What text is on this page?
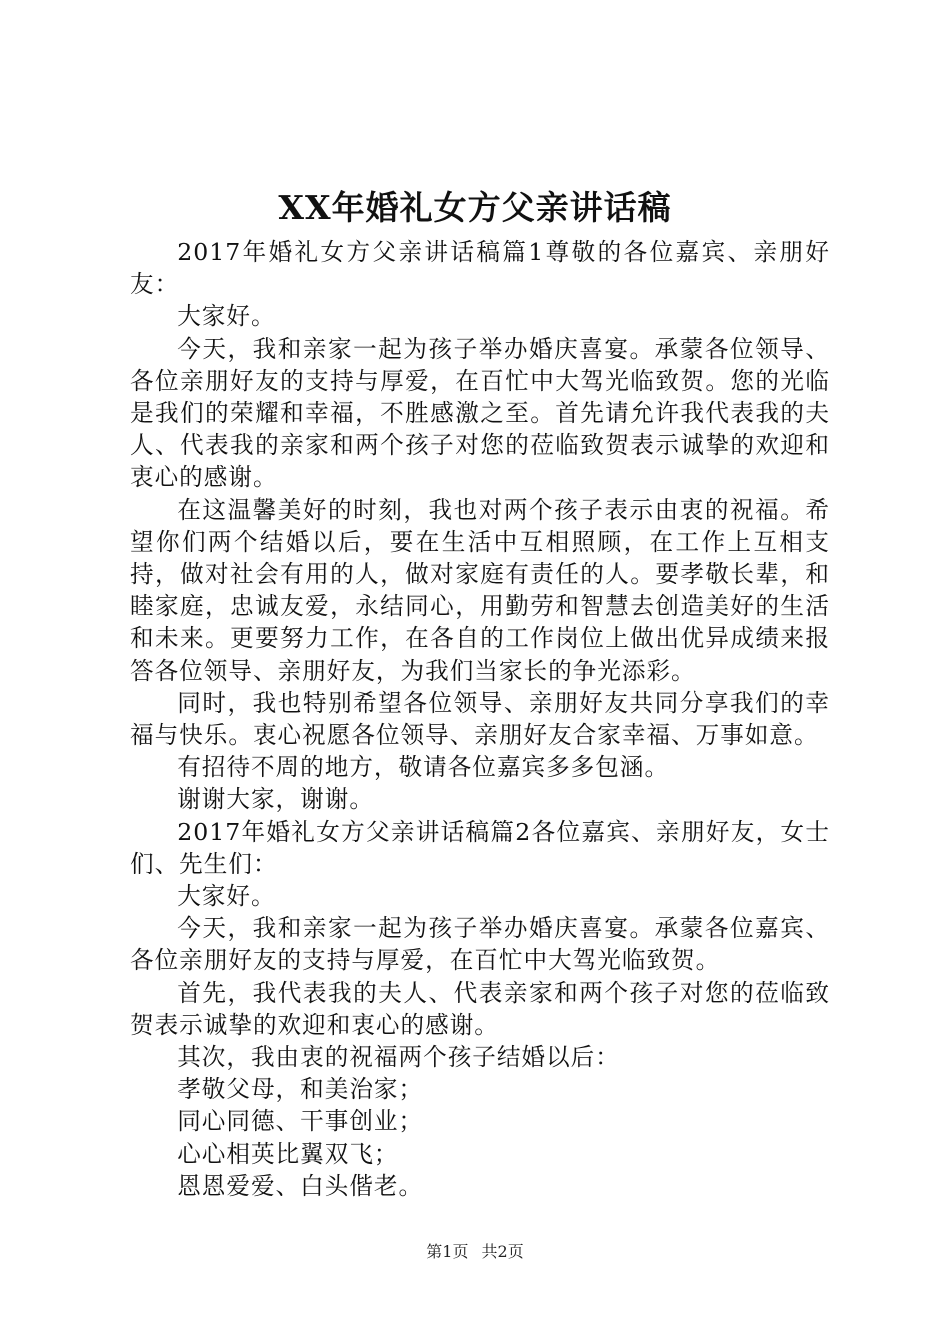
XX年婚礼女方父亲讲话稿

2017年婚礼女方父亲讲话稿篇1尊敬的各位嘉宾、亲朋好友：

大家好。

今天，我和亲家一起为孩子举办婚庆喜宴。承蒙各位领导、各位亲朋好友的支持与厚爱，在百忙中大驾光临致贺。您的光临是我们的荣耀和幸福，不胜感激之至。首先请允许我代表我的夫人、代表我的亲家和两个孩子对您的莅临致贺表示诚挚的欢迎和衷心的感谢。

在这温馨美好的时刻，我也对两个孩子表示由衷的祝福。希望你们两个结婚以后，要在生活中互相照顾，在工作上互相支持，做对社会有用的人，做对家庭有责任的人。要孝敬长辈，和睦家庭，忠诚友爱，永结同心，用勤劳和智慧去创造美好的生活和未来。更要努力工作，在各自的工作岗位上做出优异成绩来报答各位领导、亲朋好友，为我们当家长的争光添彩。

同时，我也特别希望各位领导、亲朋好友共同分享我们的幸福与快乐。衷心祝愿各位领导、亲朋好友合家幸福、万事如意。

有招待不周的地方，敬请各位嘉宾多多包涵。

谢谢大家，谢谢。

2017年婚礼女方父亲讲话稿篇2各位嘉宾、亲朋好友，女士们、先生们：

大家好。

今天，我和亲家一起为孩子举办婚庆喜宴。承蒙各位嘉宾、各位亲朋好友的支持与厚爱，在百忙中大驾光临致贺。

首先，我代表我的夫人、代表亲家和两个孩子对您的莅临致贺表示诚挚的欢迎和衷心的感谢。

其次，我由衷的祝福两个孩子结婚以后：

孝敬父母，和美治家；

同心同德、干事创业；

心心相英比翼双飞；

恩恩爱爱、白头偕老。

第1页 共2页
